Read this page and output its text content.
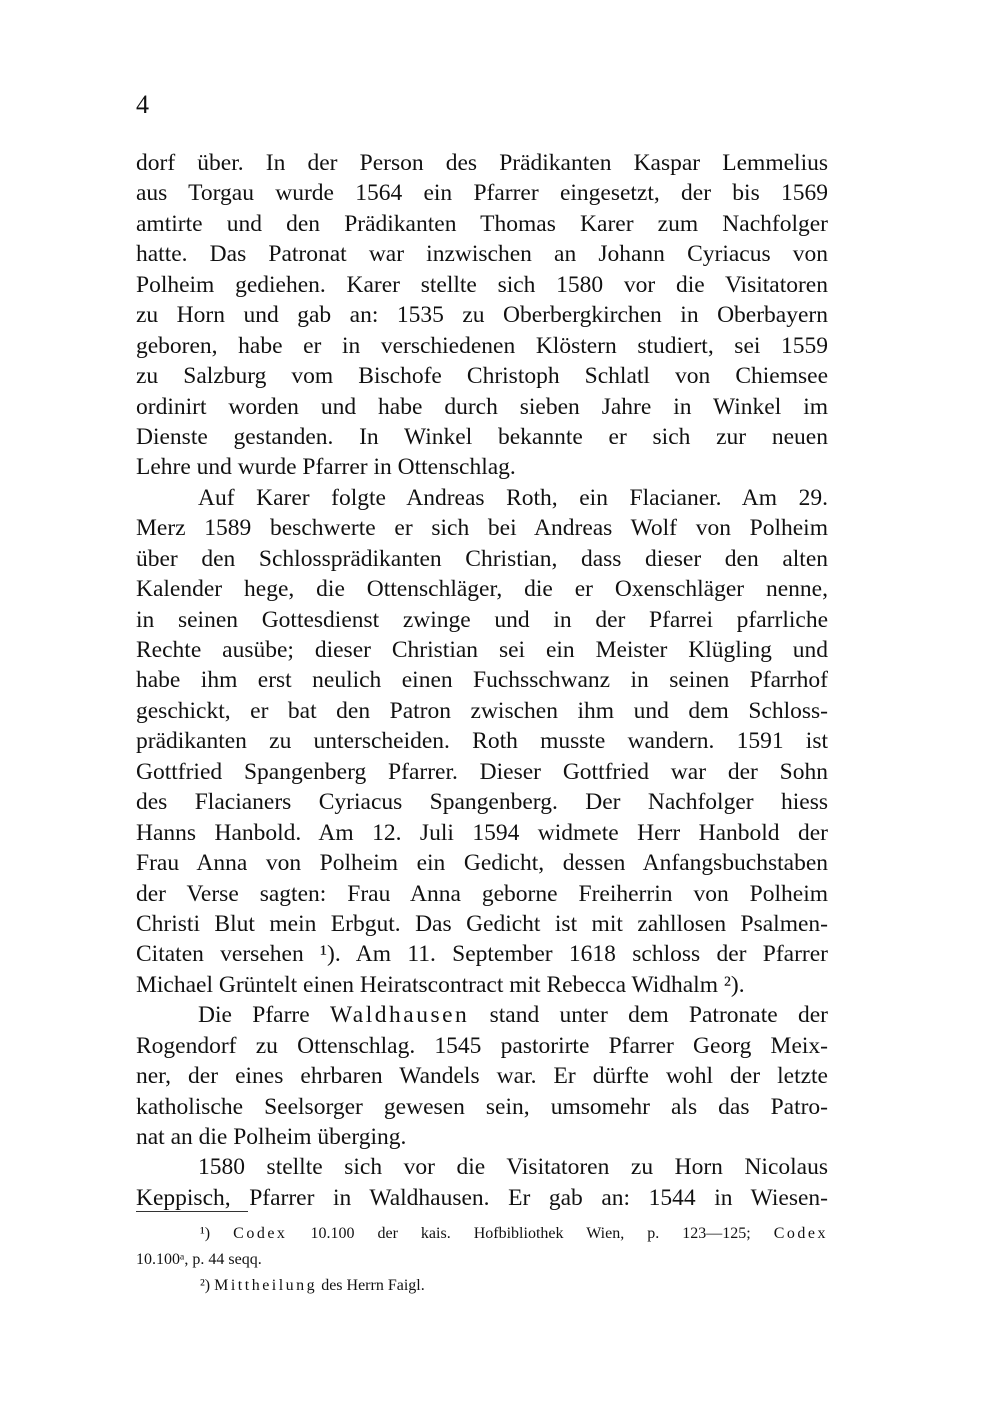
4
dorf über. In der Person des Prädikanten Kaspar Lemmelius
aus Torgau wurde 1564 ein Pfarrer eingesetzt, der bis 1569
amtirte und den Prädikanten Thomas Karer zum Nachfolger
hatte. Das Patronat war inzwischen an Johann Cyriacus von
Polheim gediehen. Karer stellte sich 1580 vor die Visitatoren
zu Horn und gab an: 1535 zu Oberbergkirchen in Oberbayern
geboren, habe er in verschiedenen Klöstern studiert, sei 1559
zu Salzburg vom Bischofe Christoph Schlatl von Chiemsee
ordinirt worden und habe durch sieben Jahre in Winkel im
Dienste gestanden. In Winkel bekannte er sich zur neuen
Lehre und wurde Pfarrer in Ottenschlag.
Auf Karer folgte Andreas Roth, ein Flacianer. Am 29.
Merz 1589 beschwerte er sich bei Andreas Wolf von Polheim
über den Schlossprädikanten Christian, dass dieser den alten
Kalender hege, die Ottenschläger, die er Oxenschläger nenne,
in seinen Gottesdienst zwinge und in der Pfarrei pfarrliche
Rechte ausübe; dieser Christian sei ein Meister Klügling und
habe ihm erst neulich einen Fuchsschwanz in seinen Pfarrhof
geschickt, er bat den Patron zwischen ihm und dem Schloss-
prädikanten zu unterscheiden. Roth musste wandern. 1591 ist
Gottfried Spangenberg Pfarrer. Dieser Gottfried war der Sohn
des Flacianers Cyriacus Spangenberg. Der Nachfolger hiess
Hanns Hanbold. Am 12. Juli 1594 widmete Herr Hanbold der
Frau Anna von Polheim ein Gedicht, dessen Anfangsbuchstaben
der Verse sagten: Frau Anna geborne Freiherrin von Polheim
Christi Blut mein Erbgut. Das Gedicht ist mit zahllosen Psalmen-
Citaten versehen ¹). Am 11. September 1618 schloss der Pfarrer
Michael Grüntelt einen Heiratscontract mit Rebecca Widhalm ²).
Die Pfarre Waldhausen stand unter dem Patronate der
Rogendorf zu Ottenschlag. 1545 pastorirte Pfarrer Georg Meix-
ner, der eines ehrbaren Wandels war. Er dürfte wohl der letzte
katholische Seelsorger gewesen sein, umsomehr als das Patro-
nat an die Polheim überging.
1580 stellte sich vor die Visitatoren zu Horn Nicolaus
Keppisch, Pfarrer in Waldhausen. Er gab an: 1544 in Wiesen-
¹) Codex 10.100 der kais. Hofbibliothek Wien, p. 123—125; Codex
10.100ᵃ, p. 44 seqq.
²) Mittheilung des Herrn Faigl.
